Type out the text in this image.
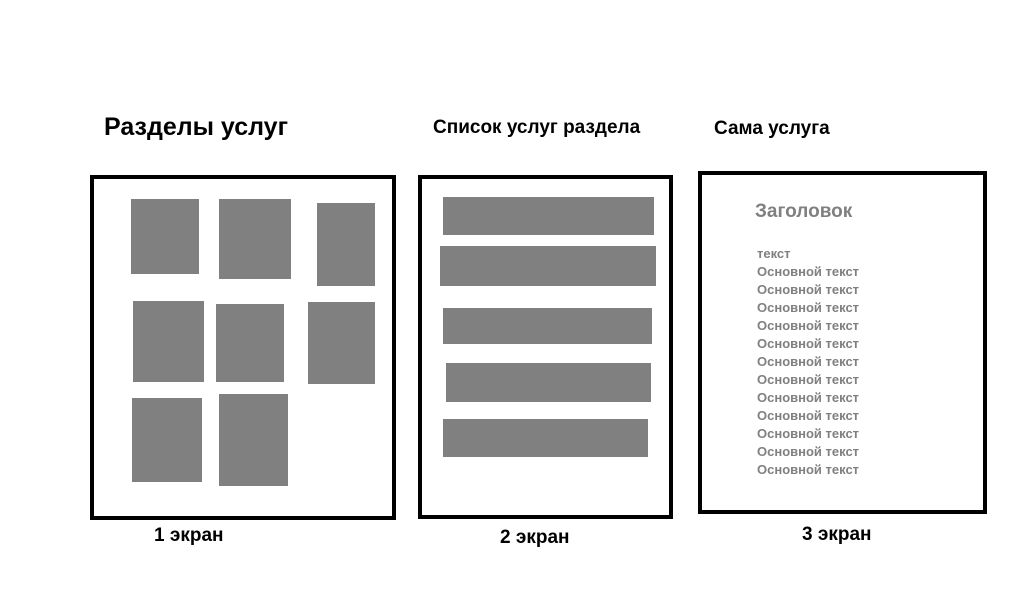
Разделы услуг	Список услуг раздела	Сама услуга
Заголовок
текст
Основной текст
Основной текст
Основной текст
Основной текст
Основной текст
Основной текст
Основной текст
Основной текст
Основной текст
Основной текст
Основной текст
Основной текст
1 экран	2 экран	3 экран
